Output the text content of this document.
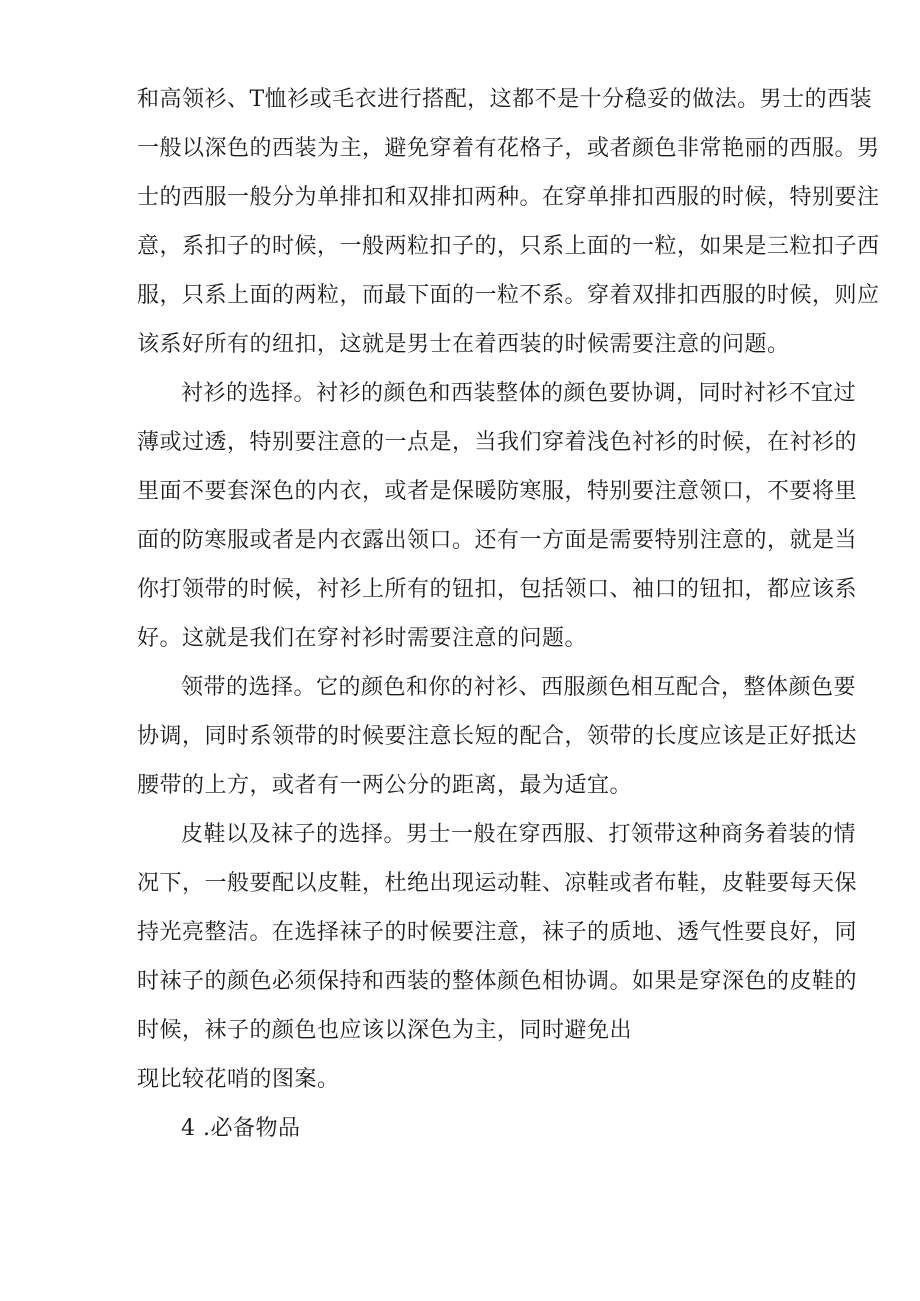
和高领衫、T恤衫或毛衣进行搭配，这都不是十分稳妥的做法。男士的西装
一般以深色的西装为主，避免穿着有花格子，或者颜色非常艳丽的西服。男
士的西服一般分为单排扣和双排扣两种。在穿单排扣西服的时候，特别要注
意，系扣子的时候，一般两粒扣子的，只系上面的一粒，如果是三粒扣子西
服，只系上面的两粒，而最下面的一粒不系。穿着双排扣西服的时候，则应
该系好所有的纽扣，这就是男士在着西装的时候需要注意的问题。
衬衫的选择。衬衫的颜色和西装整体的颜色要协调，同时衬衫不宜过
薄或过透，特别要注意的一点是，当我们穿着浅色衬衫的时候，在衬衫的
里面不要套深色的内衣，或者是保暖防寒服，特别要注意领口，不要将里
面的防寒服或者是内衣露出领口。还有一方面是需要特别注意的，就是当
你打领带的时候，衬衫上所有的钮扣，包括领口、袖口的钮扣，都应该系
好。这就是我们在穿衬衫时需要注意的问题。
领带的选择。它的颜色和你的衬衫、西服颜色相互配合，整体颜色要
协调，同时系领带的时候要注意长短的配合，领带的长度应该是正好抵达
腰带的上方，或者有一两公分的距离，最为适宜。
皮鞋以及袜子的选择。男士一般在穿西服、打领带这种商务着装的情
况下，一般要配以皮鞋，杜绝出现运动鞋、凉鞋或者布鞋，皮鞋要每天保
持光亮整洁。在选择袜子的时候要注意，袜子的质地、透气性要良好，同
时袜子的颜色必须保持和西装的整体颜色相协调。如果是穿深色的皮鞋的
时候，袜子的颜色也应该以深色为主，同时避免出
现比较花哨的图案。
4 .必备物品
